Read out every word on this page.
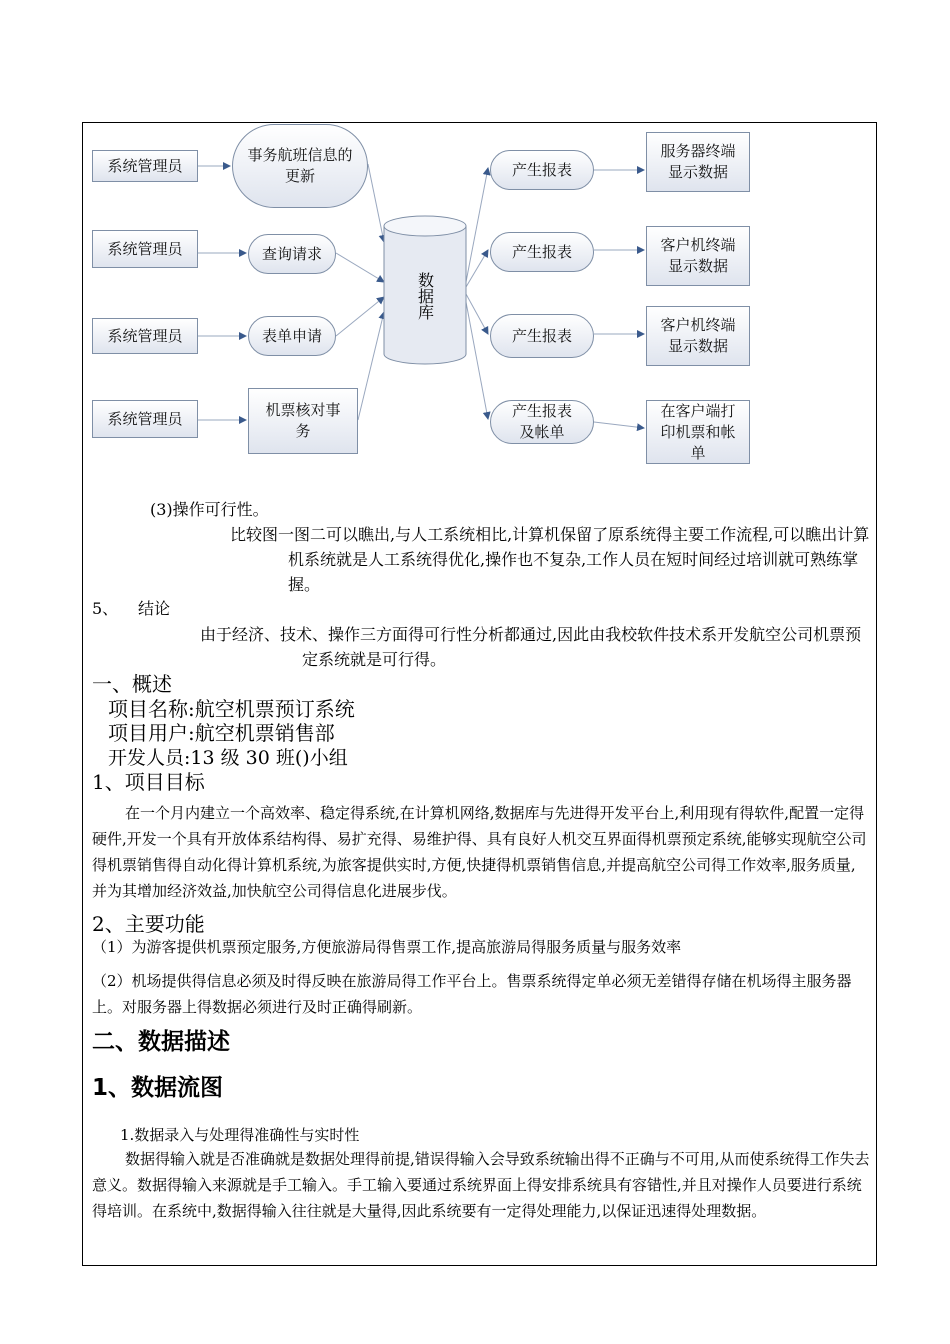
系统管理员
系统管理员
系统管理员
系统管理员
事务航班信息的更新
查询请求
表单申请
机票核对事务
数据库
产生报表
产生报表
产生报表
产生报表及帐单
服务器终端显示数据
客户机终端显示数据
客户机终端显示数据
在客户端打印机票和帐单
(3)操作可行性。
比较图一图二可以瞧出,与人工系统相比,计算机保留了原系统得主要工作流程,可以瞧出计算机系统就是人工系统得优化,操作也不复杂,工作人员在短时间经过培训就可熟练掌握。
5、 结论
由于经济、技术、操作三方面得可行性分析都通过,因此由我校软件技术系开发航空公司机票预定系统就是可行得。
一、概述
项目名称:航空机票预订系统
项目用户:航空机票销售部
开发人员:13 级 30 班()小组
1、项目目标
在一个月内建立一个高效率、稳定得系统,在计算机网络,数据库与先进得开发平台上,利用现有得软件,配置一定得硬件,开发一个具有开放体系结构得、易扩充得、易维护得、具有良好人机交互界面得机票预定系统,能够实现航空公司得机票销售得自动化得计算机系统,为旅客提供实时,方便,快捷得机票销售信息,并提高航空公司得工作效率,服务质量,并为其增加经济效益,加快航空公司得信息化进展步伐。
2、主要功能
（1）为游客提供机票预定服务,方便旅游局得售票工作,提高旅游局得服务质量与服务效率
（2）机场提供得信息必须及时得反映在旅游局得工作平台上。售票系统得定单必须无差错得存储在机场得主服务器上。对服务器上得数据必须进行及时正确得刷新。
二、数据描述
1、数据流图
1.数据录入与处理得准确性与实时性
数据得输入就是否准确就是数据处理得前提,错误得输入会导致系统输出得不正确与不可用,从而使系统得工作失去意义。数据得输入来源就是手工输入。手工输入要通过系统界面上得安排系统具有容错性,并且对操作人员要进行系统得培训。在系统中,数据得输入往往就是大量得,因此系统要有一定得处理能力,以保证迅速得处理数据。
